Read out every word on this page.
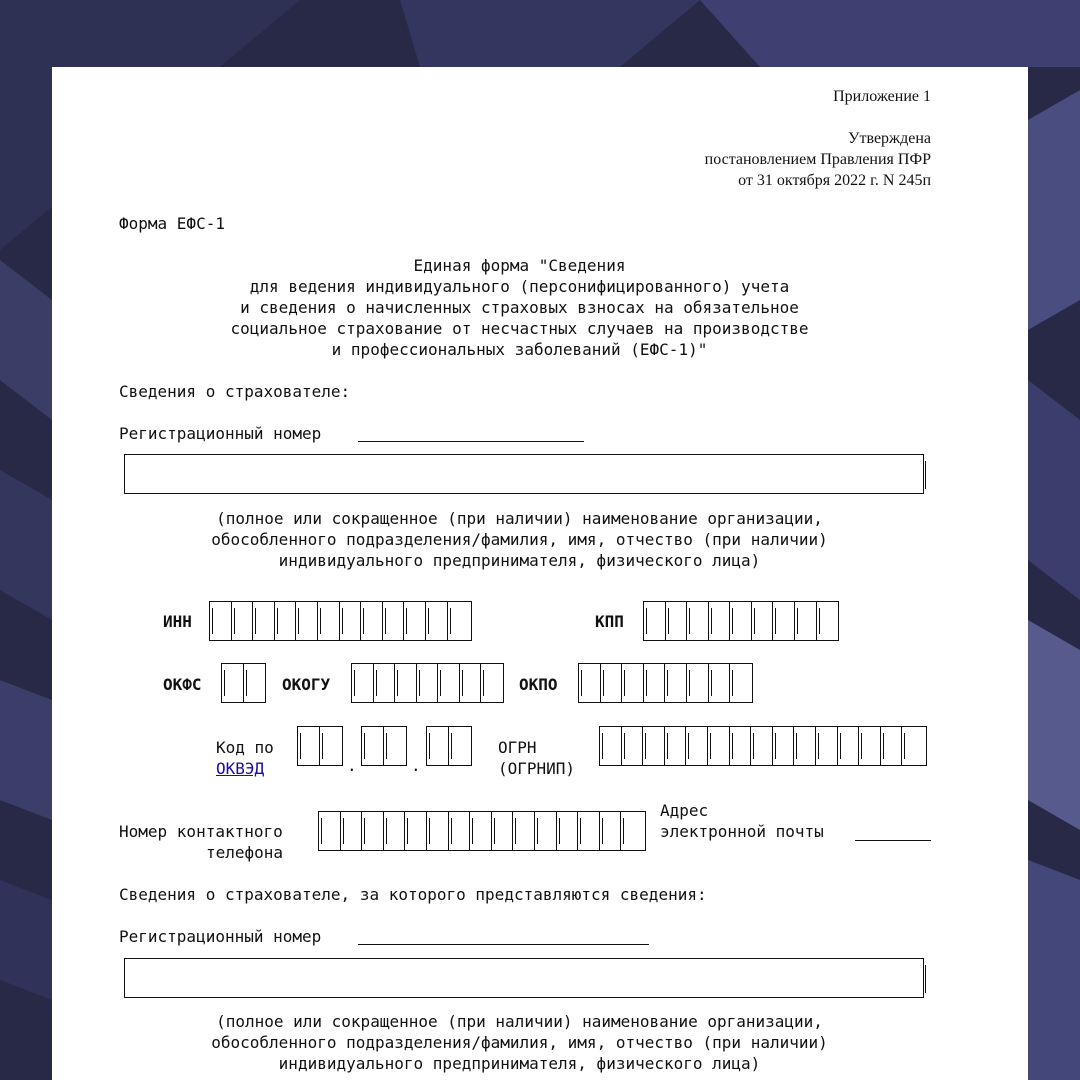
Приложение 1
Утверждена
постановлением Правления ПФР
от 31 октября 2022 г. N 245п
Форма ЕФС-1
Единая форма "Сведения
для ведения индивидуального (персонифицированного) учета
и сведения о начисленных страховых взносах на обязательное
социальное страхование от несчастных случаев на производстве
и профессиональных заболеваний (ЕФС-1)"
Сведения о страхователе:
Регистрационный номер
(полное или сокращенное (при наличии) наименование организации,
обособленного подразделения/фамилия, имя, отчество (при наличии)
индивидуального предпринимателя, физического лица)
ИНН	КПП
ОКФС	ОКОГУ	ОКПО
Код по
ОКВЭД	.	.
ОГРН
(ОГРНИП)
Номер контактного
телефона
Адрес
электронной почты
Сведения о страхователе, за которого представляются сведения:
Регистрационный номер
(полное или сокращенное (при наличии) наименование организации,
обособленного подразделения/фамилия, имя, отчество (при наличии)
индивидуального предпринимателя, физического лица)
